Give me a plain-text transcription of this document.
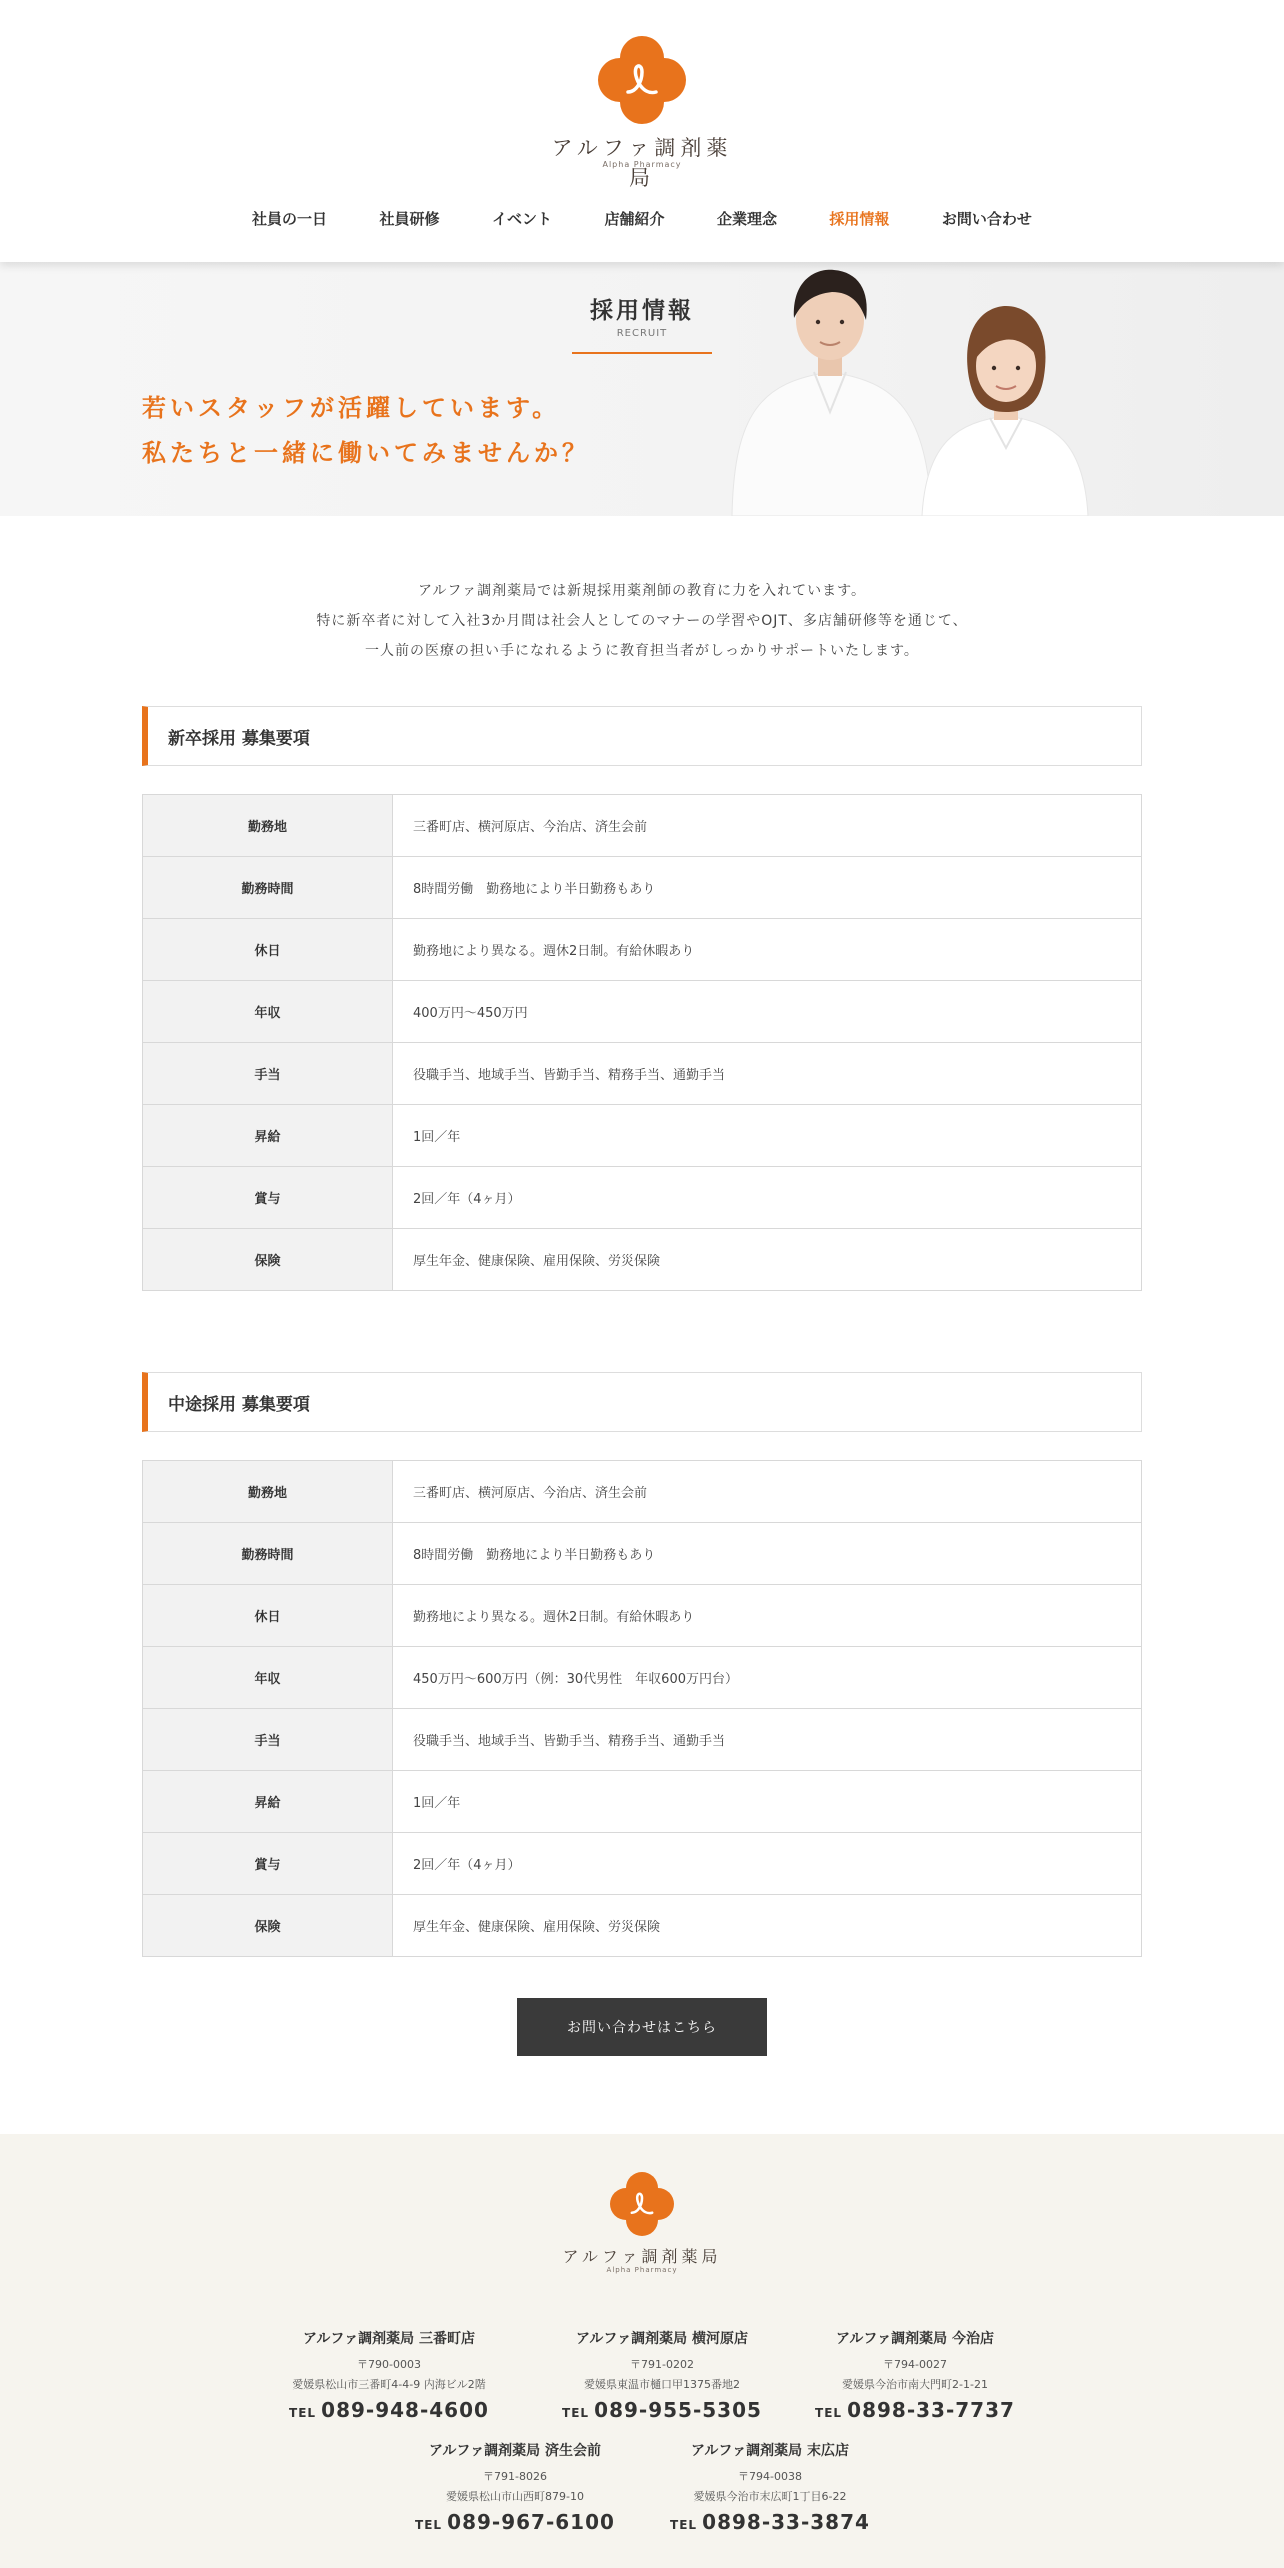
アルファ調剤薬局
Alpha Pharmacy
社員の一日	社員研修	イベント	店舗紹介	企業理念	採用情報	お問い合わせ
採用情報
RECRUIT
若いスタッフが活躍しています。
私たちと一緒に働いてみませんか？

アルファ調剤薬局では新規採用薬剤師の教育に力を入れています。

特に新卒者に対して入社3か月間は社会人としてのマナーの学習やOJT、多店舗研修等を通じて、

一人前の医療の担い手になれるように教育担当者がしっかりサポートいたします。

新卒採用 募集要項
勤務地	三番町店、横河原店、今治店、済生会前
勤務時間	8時間労働　勤務地により半日勤務もあり
休日	勤務地により異なる。週休2日制。有給休暇あり
年収	400万円〜450万円
手当	役職手当、地域手当、皆勤手当、精務手当、通勤手当
昇給	1回／年
賞与	2回／年（4ヶ月）
保険	厚生年金、健康保険、雇用保険、労災保険
中途採用 募集要項
勤務地	三番町店、横河原店、今治店、済生会前
勤務時間	8時間労働　勤務地により半日勤務もあり
休日	勤務地により異なる。週休2日制。有給休暇あり
年収	450万円〜600万円（例：30代男性　年収600万円台）
手当	役職手当、地域手当、皆勤手当、精務手当、通勤手当
昇給	1回／年
賞与	2回／年（4ヶ月）
保険	厚生年金、健康保険、雇用保険、労災保険
お問い合わせはこちら
アルファ調剤薬局
Alpha Pharmacy
アルファ調剤薬局 三番町店
〒790-0003
愛媛県松山市三番町4-4-9 内海ビル2階
TEL 089-948-4600
アルファ調剤薬局 横河原店
〒791-0202
愛媛県東温市樋口甲1375番地2
TEL 089-955-5305
アルファ調剤薬局 今治店
〒794-0027
愛媛県今治市南大門町2-1-21
TEL 0898-33-7737
アルファ調剤薬局 済生会前
〒791-8026
愛媛県松山市山西町879-10
TEL 089-967-6100
アルファ調剤薬局 末広店
〒794-0038
愛媛県今治市末広町1丁目6-22
TEL 0898-33-3874
